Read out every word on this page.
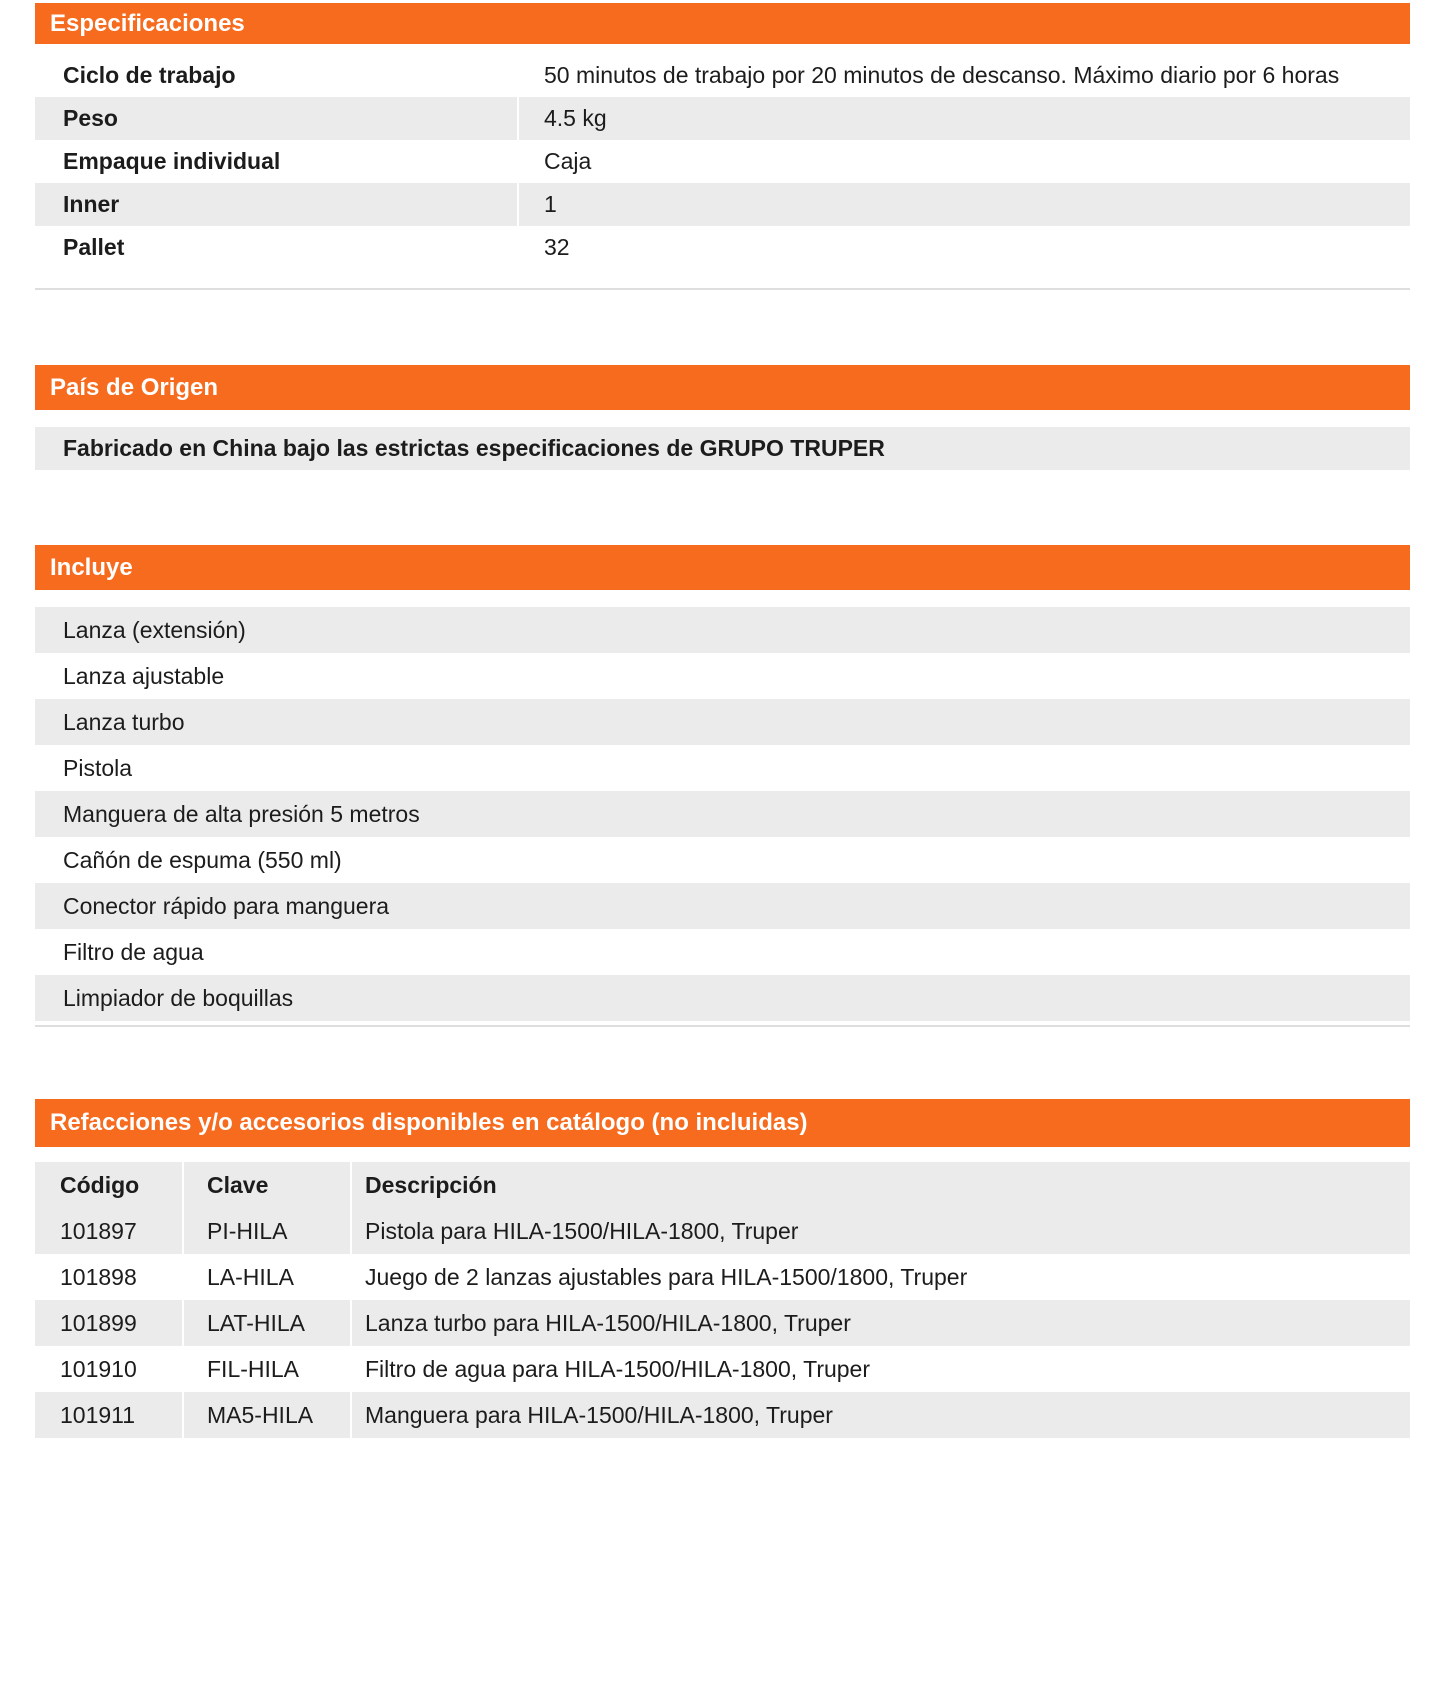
Especificaciones
Ciclo de trabajo	50 minutos de trabajo por 20 minutos de descanso. Máximo diario por 6 horas
Peso	4.5 kg
Empaque individual	Caja
Inner	1
Pallet	32
País de Origen
Fabricado en China bajo las estrictas especificaciones de GRUPO TRUPER
Incluye
Lanza (extensión)
Lanza ajustable
Lanza turbo
Pistola
Manguera de alta presión 5 metros
Cañón de espuma (550 ml)
Conector rápido para manguera
Filtro de agua
Limpiador de boquillas
Refacciones y/o accesorios disponibles en catálogo (no incluidas)
Código	Clave	Descripción
101897	PI-HILA	Pistola para HILA-1500/HILA-1800, Truper
101898	LA-HILA	Juego de 2 lanzas ajustables para HILA-1500/1800, Truper
101899	LAT-HILA	Lanza turbo para HILA-1500/HILA-1800, Truper
101910	FIL-HILA	Filtro de agua para HILA-1500/HILA-1800, Truper
101911	MA5-HILA	Manguera para HILA-1500/HILA-1800, Truper
